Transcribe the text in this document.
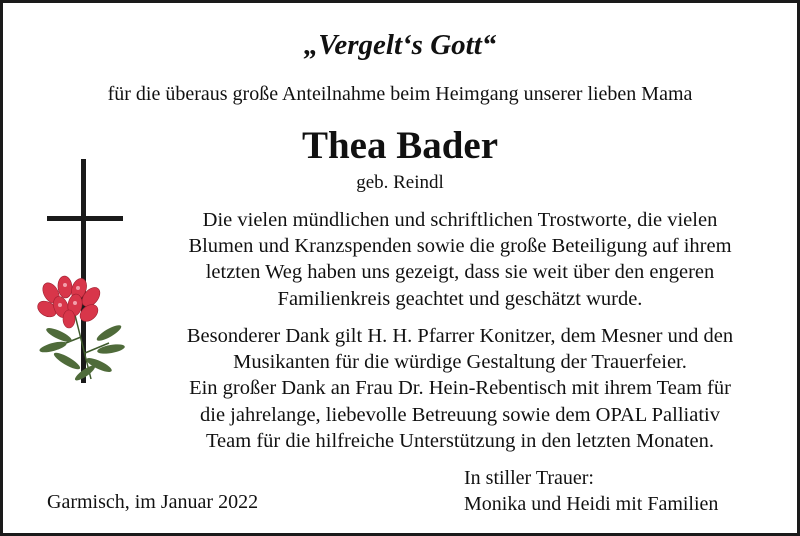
„Vergelt‘s Gott“
für die überaus große Anteilnahme beim Heimgang unserer lieben Mama
Thea Bader
geb. Reindl

Die vielen mündlichen und schriftlichen Trostworte, die vielen

Blumen und Kranzspenden sowie die große Beteiligung auf ihrem

letzten Weg haben uns gezeigt, dass sie weit über den engeren

Familienkreis geachtet und geschätzt wurde.

Besonderer Dank gilt H. H. Pfarrer Konitzer, dem Mesner und den

Musikanten für die würdige Gestaltung der Trauerfeier.

Ein großer Dank an Frau Dr. Hein-Rebentisch mit ihrem Team für

die jahrelange, liebevolle Betreuung sowie dem OPAL Palliativ

Team für die hilfreiche Unterstützung in den letzten Monaten.

Garmisch, im Januar 2022
In stiller Trauer:
Monika und Heidi mit Familien
